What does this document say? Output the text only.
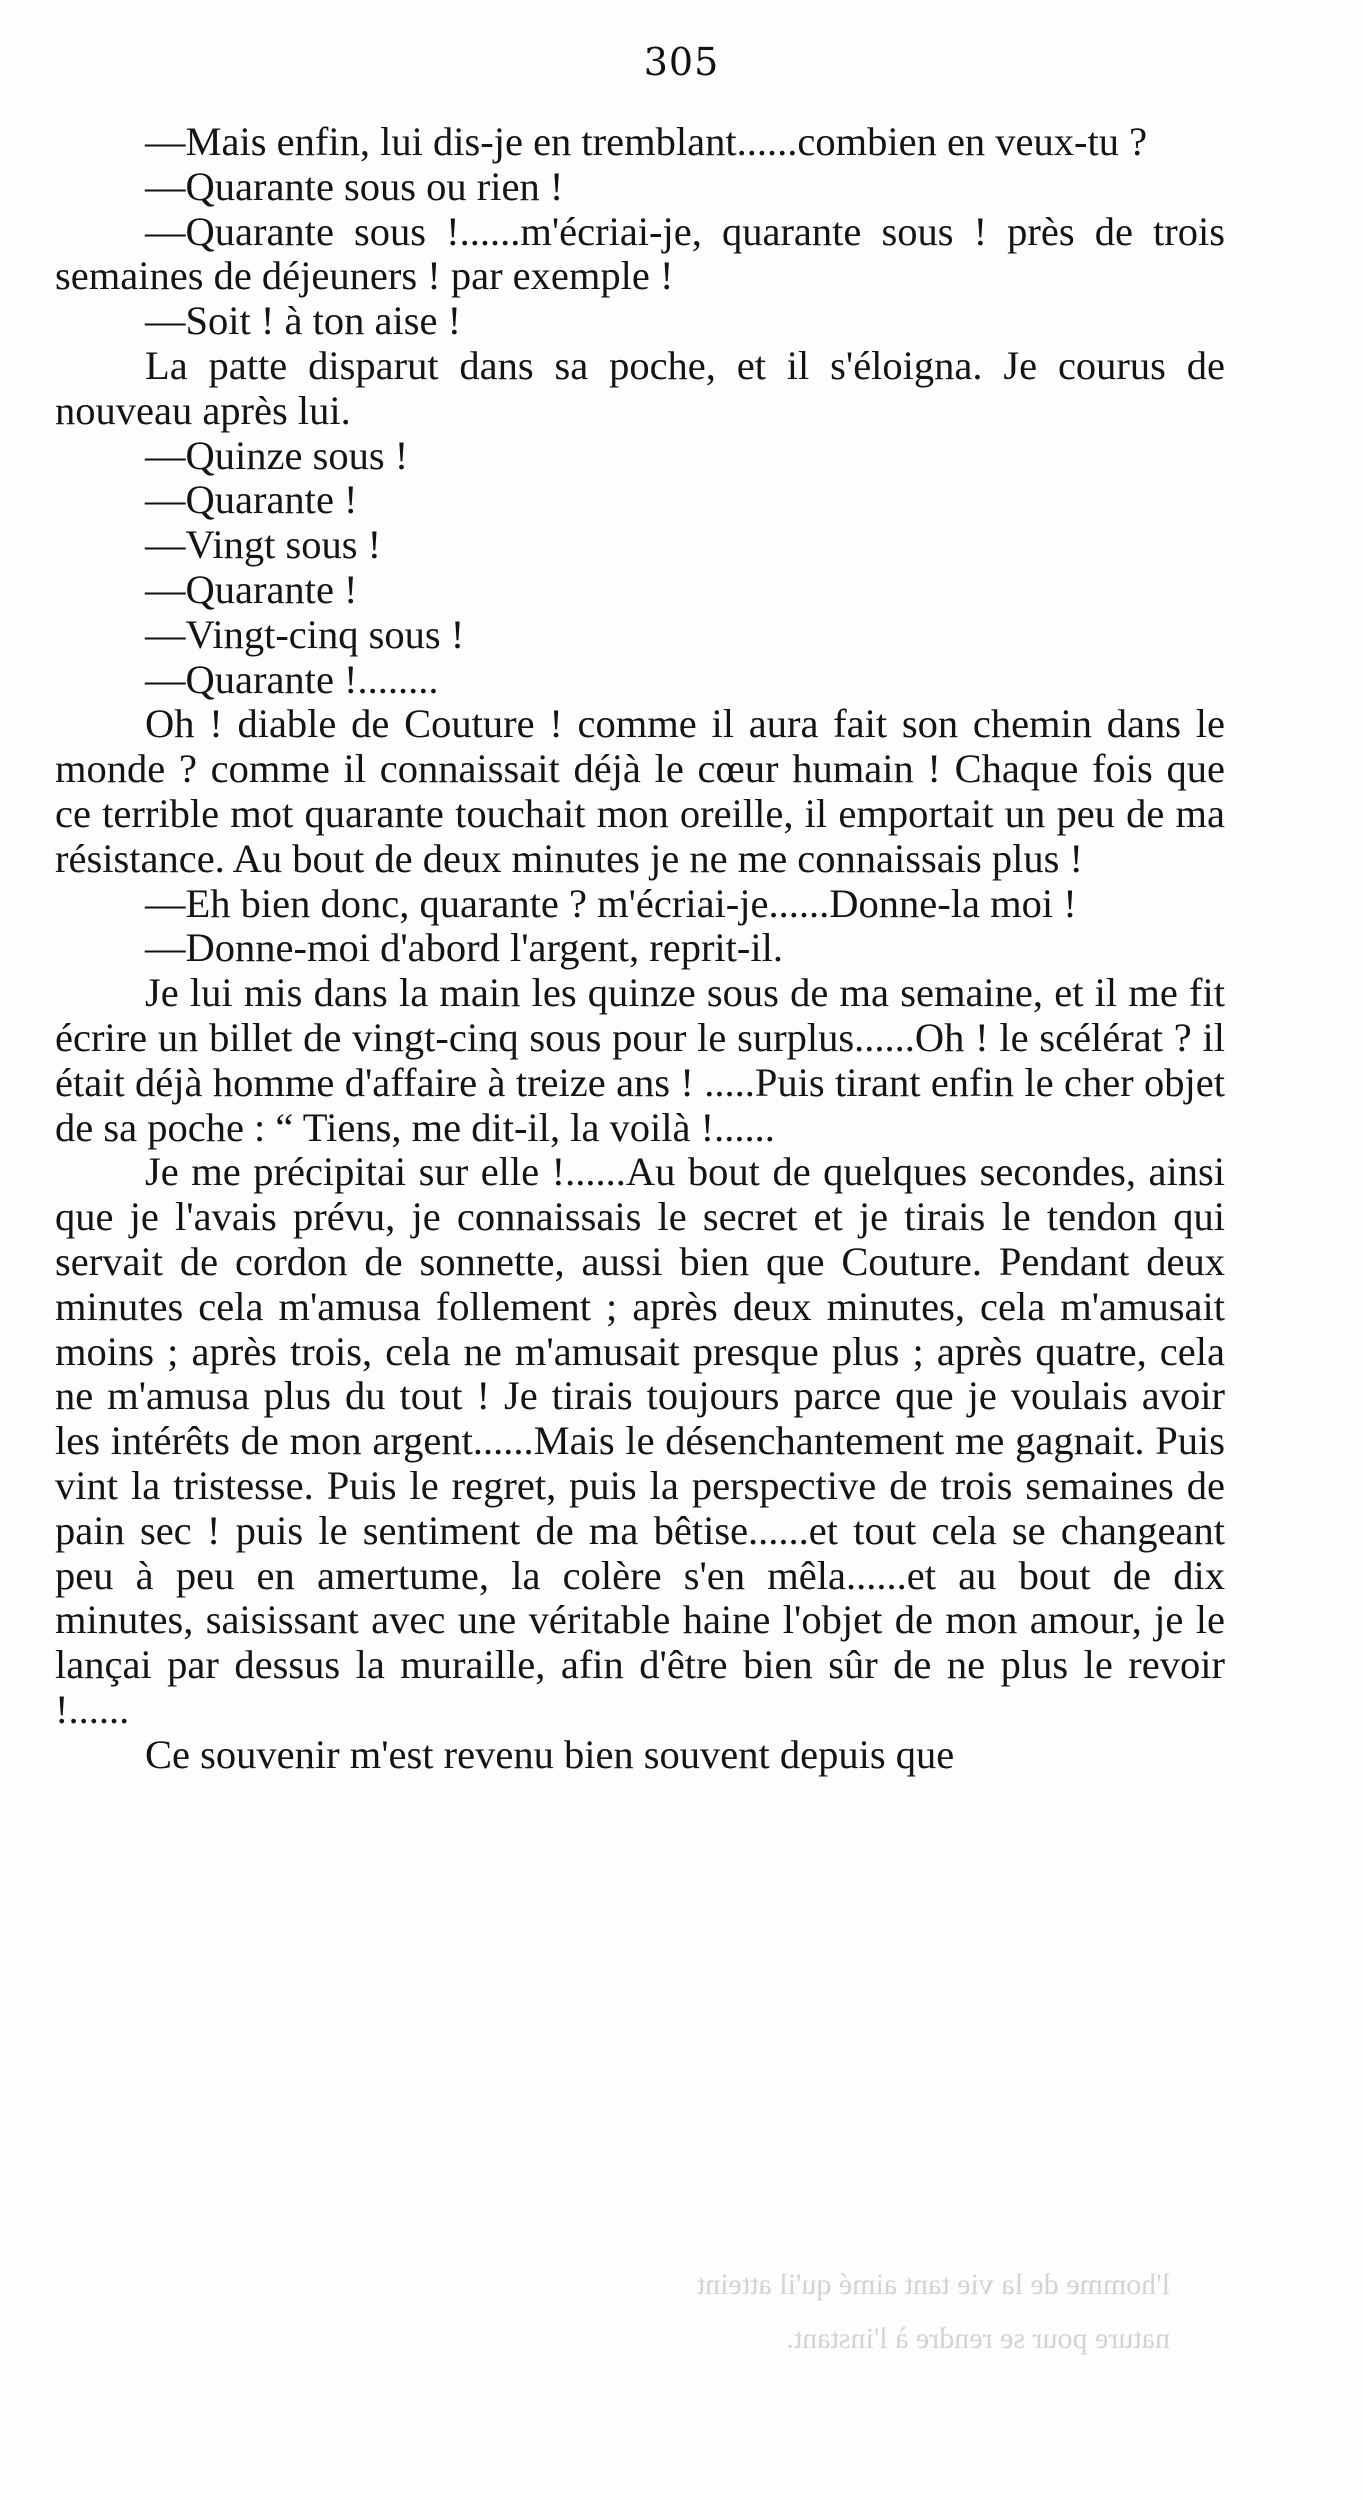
305

—Mais enfin, lui dis-je en tremblant......combien en veux-tu ?

—Quarante sous ou rien !

—Quarante sous !......m'écriai-je, quarante sous ! près de trois semaines de déjeuners ! par exemple !

—Soit ! à ton aise !

La patte disparut dans sa poche, et il s'éloigna. Je courus de nouveau après lui.

—Quinze sous !

—Quarante !

—Vingt sous !

—Quarante !

—Vingt-cinq sous !

—Quarante !........

Oh ! diable de Couture ! comme il aura fait son chemin dans le monde ? comme il connaissait déjà le cœur humain ! Chaque fois que ce terrible mot quarante touchait mon oreille, il emportait un peu de ma résistance. Au bout de deux minutes je ne me connaissais plus !

—Eh bien donc, quarante ? m'écriai-je......Donne-la moi !

—Donne-moi d'abord l'argent, reprit-il.

Je lui mis dans la main les quinze sous de ma semaine, et il me fit écrire un billet de vingt-cinq sous pour le surplus......Oh ! le scélérat ? il était déjà homme d'affaire à treize ans ! .....Puis tirant enfin le cher objet de sa poche : “ Tiens, me dit-il, la voilà !......

Je me précipitai sur elle !......Au bout de quelques secondes, ainsi que je l'avais prévu, je connaissais le secret et je tirais le tendon qui servait de cordon de sonnette, aussi bien que Couture. Pendant deux minutes cela m'amusa follement ; après deux minutes, cela m'amusait moins ; après trois, cela ne m'amusait presque plus ; après quatre, cela ne m'amusa plus du tout ! Je tirais toujours parce que je voulais avoir les intérêts de mon argent......Mais le désenchantement me gagnait. Puis vint la tristesse. Puis le regret, puis la perspective de trois semaines de pain sec ! puis le sentiment de ma bêtise......et tout cela se changeant peu à peu en amertume, la colère s'en mêla......et au bout de dix minutes, saisissant avec une véritable haine l'objet de mon amour, je le lançai par dessus la muraille, afin d'être bien sûr de ne plus le revoir !......

Ce souvenir m'est revenu bien souvent depuis que

l'homme de la vie tant aimé qu'il atteint
nature pour se rendre à l'instant.
